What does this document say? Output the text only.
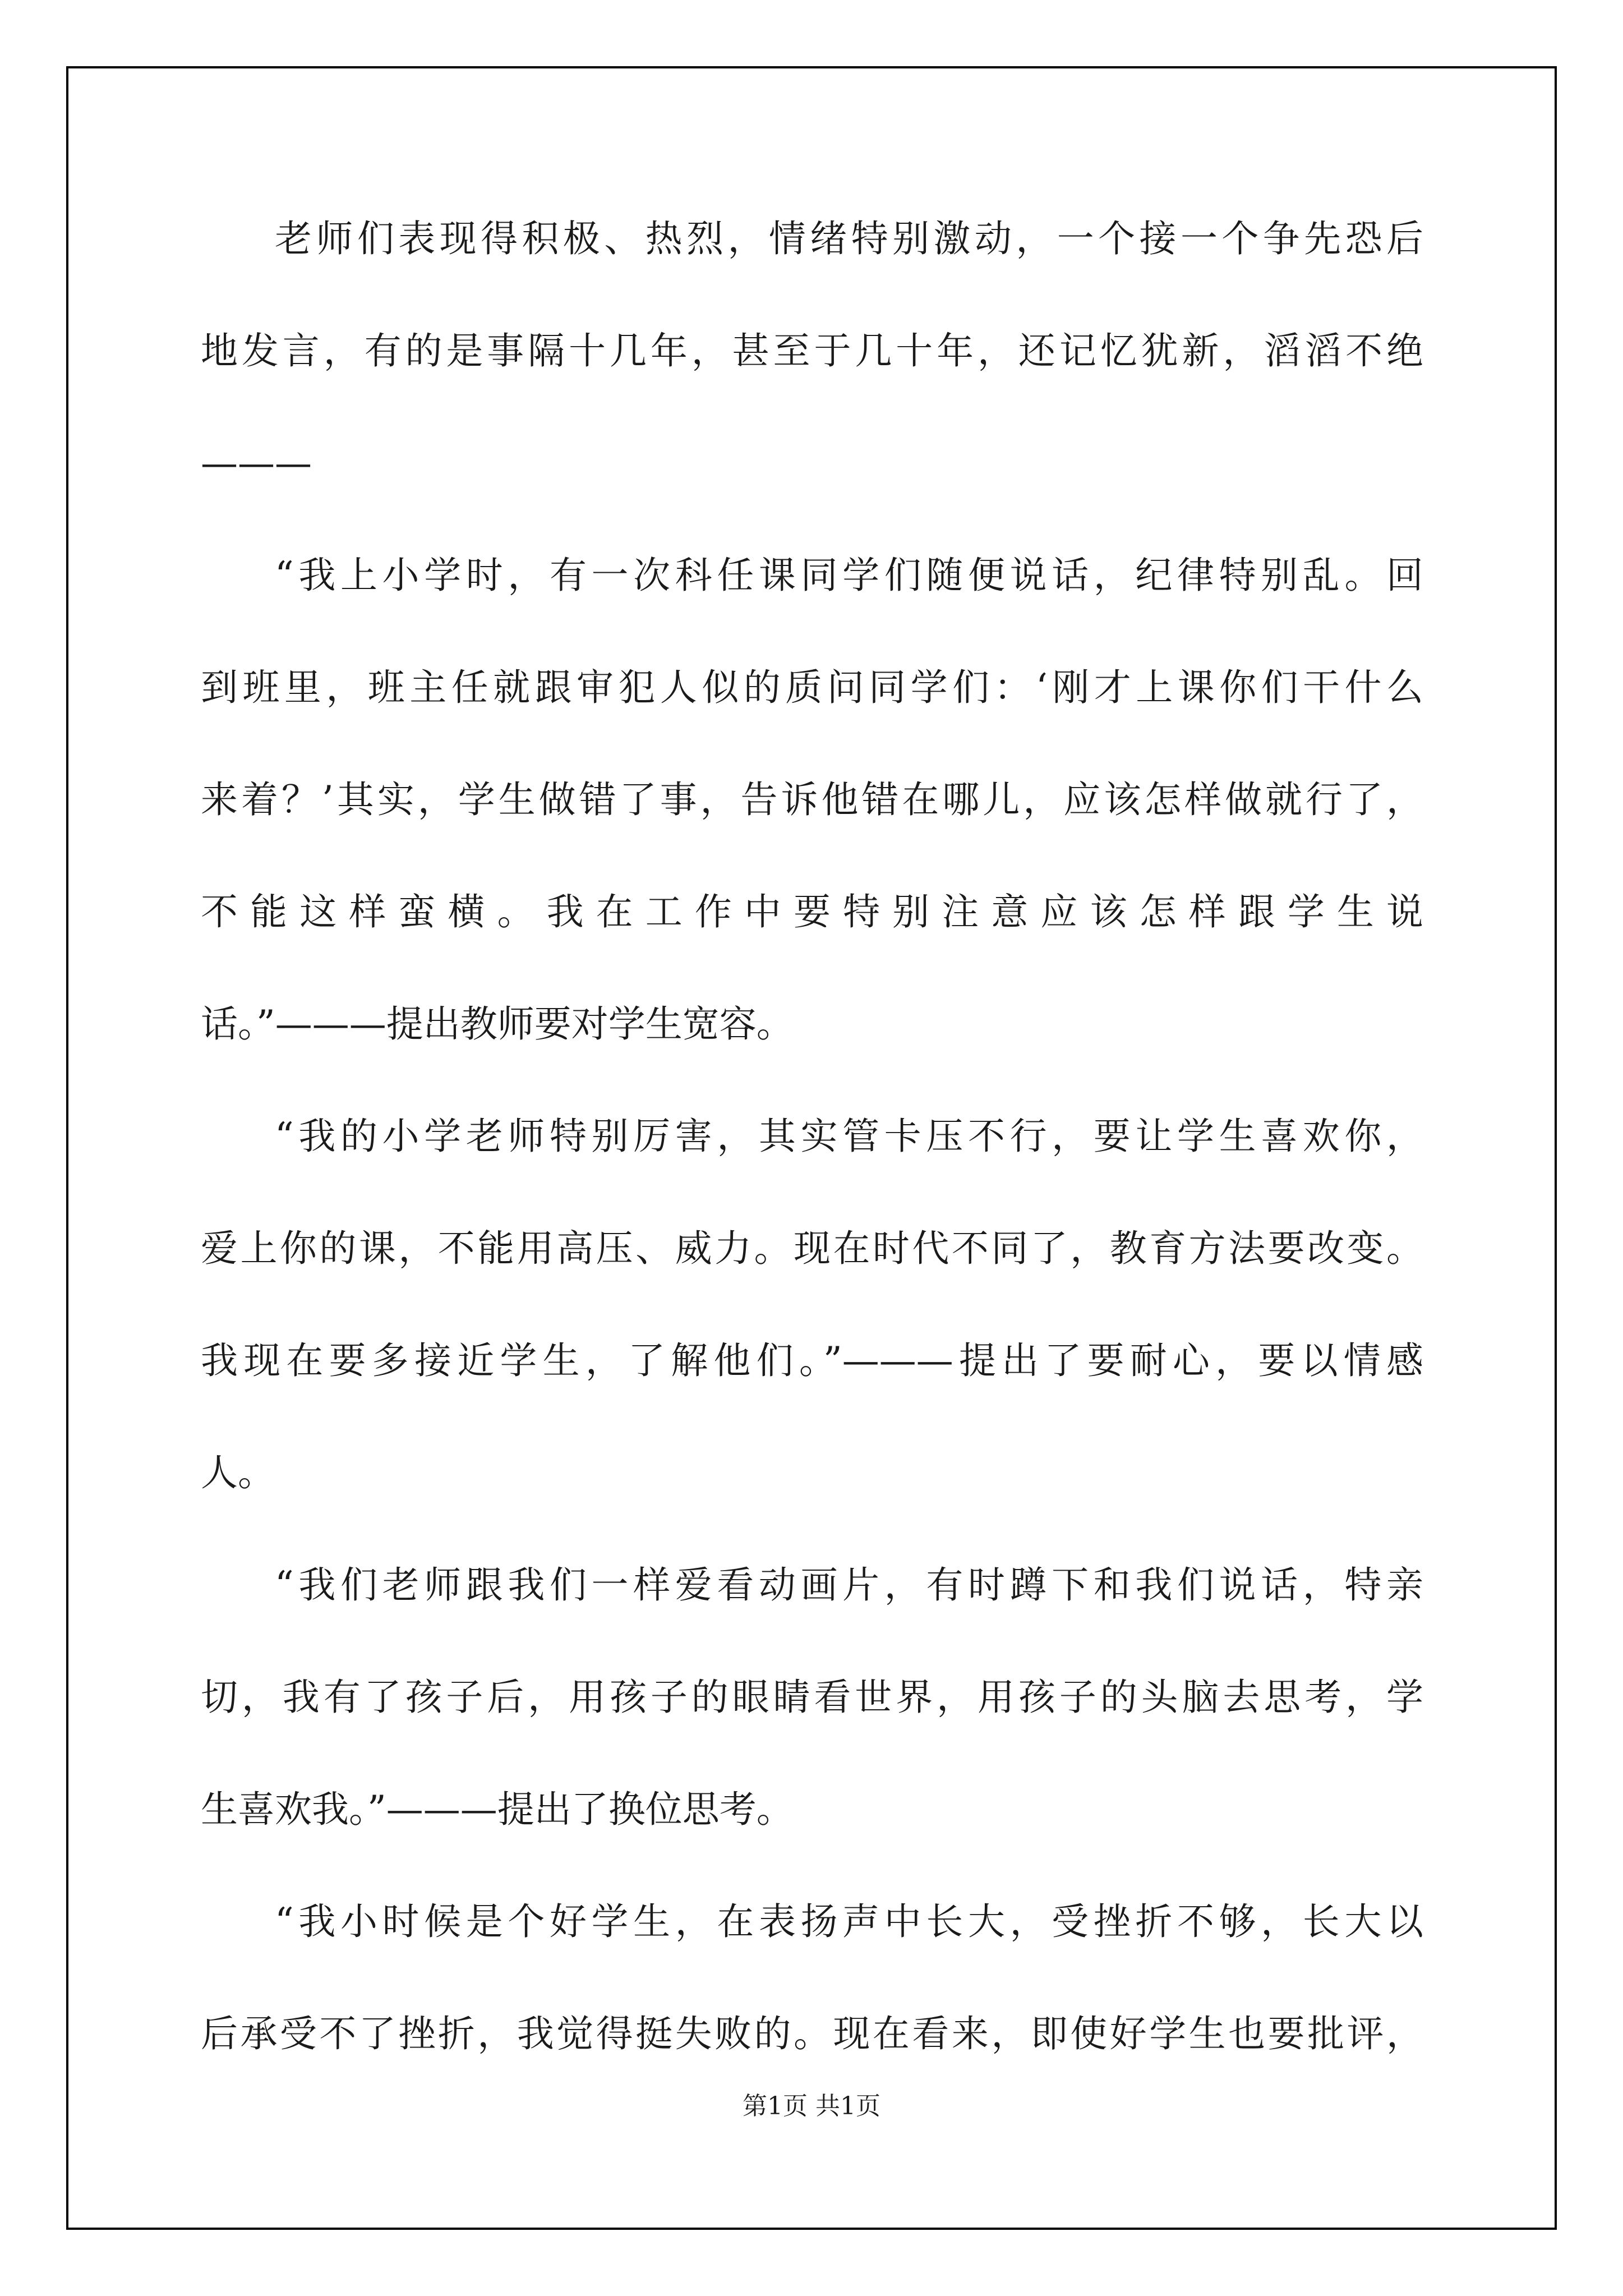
老师们表现得积极、热烈，情绪特别激动，一个接一个争先恐后
地发言，有的是事隔十几年，甚至于几十年，还记忆犹新，滔滔不绝
———
“我上小学时，有一次科任课同学们随便说话，纪律特别乱。回
到班里，班主任就跟审犯人似的质问同学们：‘刚才上课你们干什么
来着？’其实，学生做错了事，告诉他错在哪儿，应该怎样做就行了，
不能这样蛮横。我在工作中要特别注意应该怎样跟学生说
话。”———提出教师要对学生宽容。
“我的小学老师特别厉害，其实管卡压不行，要让学生喜欢你，
爱上你的课，不能用高压、威力。现在时代不同了，教育方法要改变。
我现在要多接近学生，了解他们。”———提出了要耐心，要以情感
人。
“我们老师跟我们一样爱看动画片，有时蹲下和我们说话，特亲
切，我有了孩子后，用孩子的眼睛看世界，用孩子的头脑去思考，学
生喜欢我。”———提出了换位思考。
“我小时候是个好学生，在表扬声中长大，受挫折不够，长大以
后承受不了挫折，我觉得挺失败的。现在看来，即使好学生也要批评，
第1页 共1页
